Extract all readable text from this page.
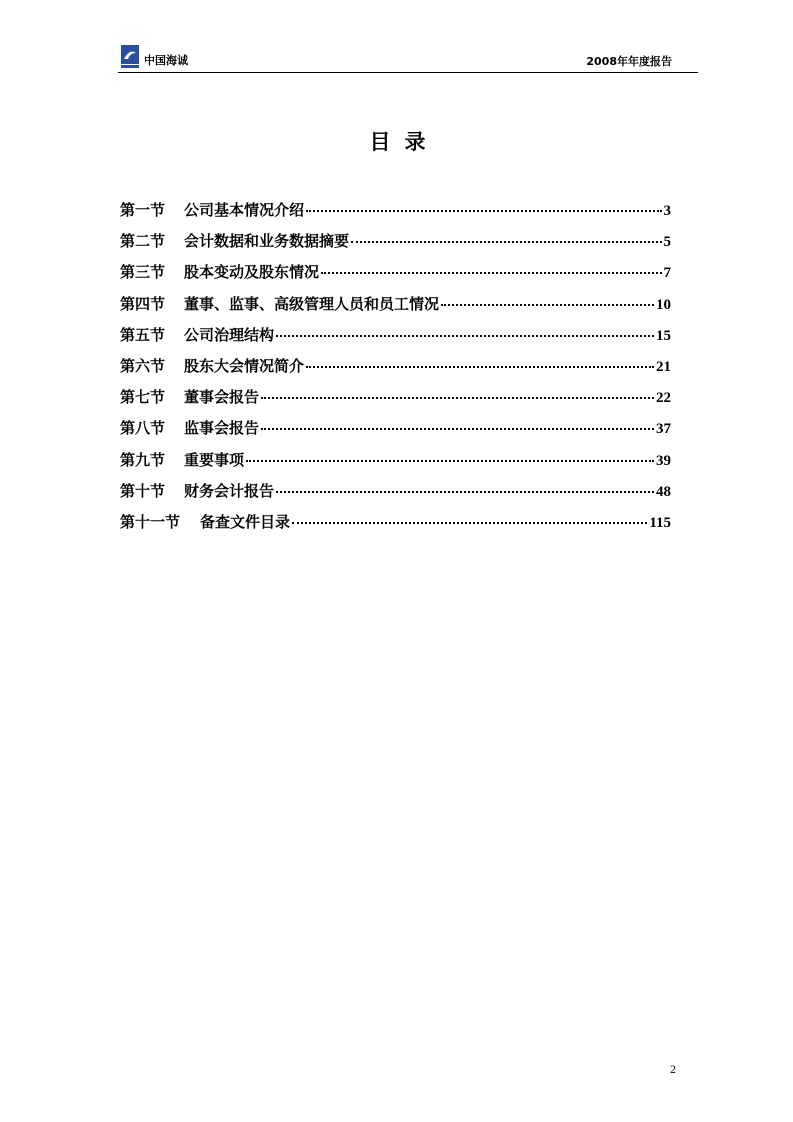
中国海诚	2008年年度报告
目录
第一节	公司基本情况介绍	3
第二节	会计数据和业务数据摘要	5
第三节	股本变动及股东情况	7
第四节	董事、监事、高级管理人员和员工情况	10
第五节	公司治理结构	15
第六节	股东大会情况简介	21
第七节	董事会报告	22
第八节	监事会报告	37
第九节	重要事项	39
第十节	财务会计报告	48
第十一节	备查文件目录	115
2
